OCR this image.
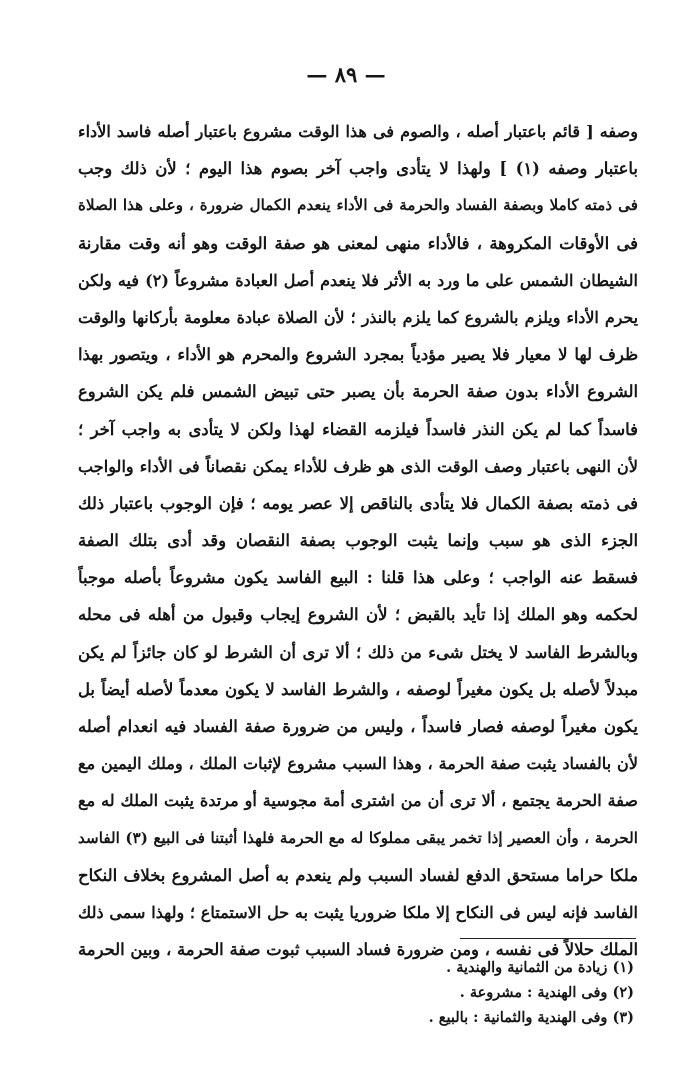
— ٨٩ —
وصفه [ قائم باعتبار أصله ، والصوم فى هذا الوقت مشروع باعتبار أصله فاسد الأداء
باعتبار وصفه (١) ] ولهذا لا يتأدى واجب آخر بصوم هذا اليوم ؛ لأن ذلك وجب
فى ذمته كاملا وبصفة الفساد والحرمة فى الأداء ينعدم الكمال ضرورة ، وعلى هذا الصلاة
فى الأوقات المكروهة ، فالأداء منهى لمعنى هو صفة الوقت وهو أنه وقت مقارنة
الشيطان الشمس على ما ورد به الأثر فلا ينعدم أصل العبادة مشروعاً (٢) فيه ولكن
يحرم الأداء ويلزم بالشروع كما يلزم بالنذر ؛ لأن الصلاة عبادة معلومة بأركانها والوقت
ظرف لها لا معيار فلا يصير مؤدياً بمجرد الشروع والمحرم هو الأداء ، ويتصور بهذا
الشروع الأداء بدون صفة الحرمة بأن يصبر حتى تبيض الشمس فلم يكن الشروع
فاسداً كما لم يكن النذر فاسداً فيلزمه القضاء لهذا ولكن لا يتأدى به واجب آخر ؛
لأن النهى باعتبار وصف الوقت الذى هو ظرف للأداء يمكن نقصاناً فى الأداء والواجب
فى ذمته بصفة الكمال فلا يتأدى بالناقص إلا عصر يومه ؛ فإن الوجوب باعتبار ذلك
الجزء الذى هو سبب وإنما يثبت الوجوب بصفة النقصان وقد أدى بتلك الصفة
فسقط عنه الواجب ؛ وعلى هذا قلنا : البيع الفاسد يكون مشروعاً بأصله موجباً
لحكمه وهو الملك إذا تأيد بالقبض ؛ لأن الشروع إيجاب وقبول من أهله فى محله
وبالشرط الفاسد لا يختل شىء من ذلك ؛ ألا ترى أن الشرط لو كان جائزاً لم يكن
مبدلاً لأصله بل يكون مغيراً لوصفه ، والشرط الفاسد لا يكون معدماً لأصله أيضاً بل
يكون مغيراً لوصفه فصار فاسداً ، وليس من ضرورة صفة الفساد فيه انعدام أصله
لأن بالفساد يثبت صفة الحرمة ، وهذا السبب مشروع لإثبات الملك ، وملك اليمين مع
صفة الحرمة يجتمع ، ألا ترى أن من اشترى أمة مجوسية أو مرتدة يثبت الملك له مع
الحرمة ، وأن العصير إذا تخمر يبقى مملوكا له مع الحرمة فلهذا أثبتنا فى البيع (٣) الفاسد
ملكا حراما مستحق الدفع لفساد السبب ولم ينعدم به أصل المشروع بخلاف النكاح
الفاسد فإنه ليس فى النكاح إلا ملكا ضروريا يثبت به حل الاستمتاع ؛ ولهذا سمى ذلك
الملك حلالاً فى نفسه ، ومن ضرورة فساد السبب ثبوت صفة الحرمة ، وبين الحرمة
(١) زيادة من الثمانية والهندية .
(٢) وفى الهندية : مشروعة .
(٣) وفى الهندية والثمانية : بالبيع .
